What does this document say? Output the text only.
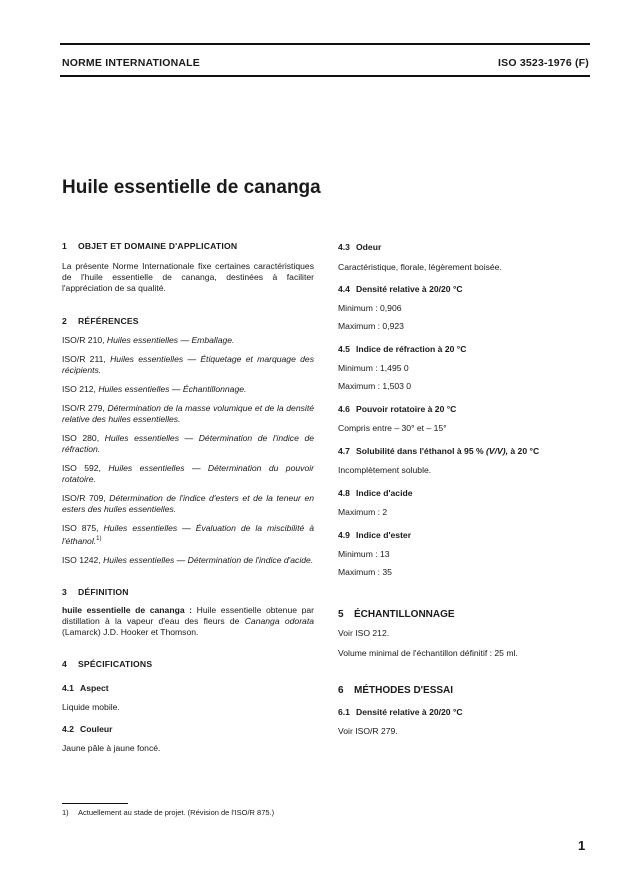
NORME INTERNATIONALE	ISO 3523-1976 (F)
Huile essentielle de cananga
1 OBJET ET DOMAINE D'APPLICATION

La présente Norme Internationale fixe certaines caractéristiques de l'huile essentielle de cananga, destinées à faciliter l'appréciation de sa qualité.

2 RÉFÉRENCES

ISO/R 210, Huiles essentielles — Emballage.

ISO/R 211, Huiles essentielles — Étiquetage et marquage des récipients.

ISO 212, Huiles essentielles — Échantillonnage.

ISO/R 279, Détermination de la masse volumique et de la densité relative des huiles essentielles.

ISO 280, Huiles essentielles — Détermination de l'indice de réfraction.

ISO 592, Huiles essentielles — Détermination du pouvoir rotatoire.

ISO/R 709, Détermination de l'indice d'esters et de la teneur en esters des huiles essentielles.

ISO 875, Huiles essentielles — Évaluation de la miscibilité à l'éthanol.$^{1)}$

ISO 1242, Huiles essentielles — Détermination de l'indice d'acide.

3 DÉFINITION

huile essentielle de cananga : Huile essentielle obtenue par distillation à la vapeur d'eau des fleurs de Cananga odorata (Lamarck) J.D. Hooker et Thomson.

4 SPÉCIFICATIONS
4.1 Aspect

Liquide mobile.

4.2 Couleur

Jaune pâle à jaune foncé.

4.3 Odeur

Caractéristique, florale, légèrement boisée.

4.4 Densité relative à 20/20 °C

Minimum : 0,906

Maximum : 0,923

4.5 Indice de réfraction à 20 °C

Minimum : 1,495 0

Maximum : 1,503 0

4.6 Pouvoir rotatoire à 20 °C

Compris entre – 30° et – 15°

4.7 Solubilité dans l'éthanol à 95 % (V/V), à 20 °C

Incomplètement soluble.

4.8 Indice d'acide

Maximum : 2

4.9 Indice d'ester

Minimum : 13

Maximum : 35

5 ÉCHANTILLONNAGE

Voir ISO 212.

Volume minimal de l'échantillon définitif : 25 ml.

6 MÉTHODES D'ESSAI
6.1 Densité relative à 20/20 °C

Voir ISO/R 279.

1) Actuellement au stade de projet. (Révision de l'ISO/R 875.)
1
